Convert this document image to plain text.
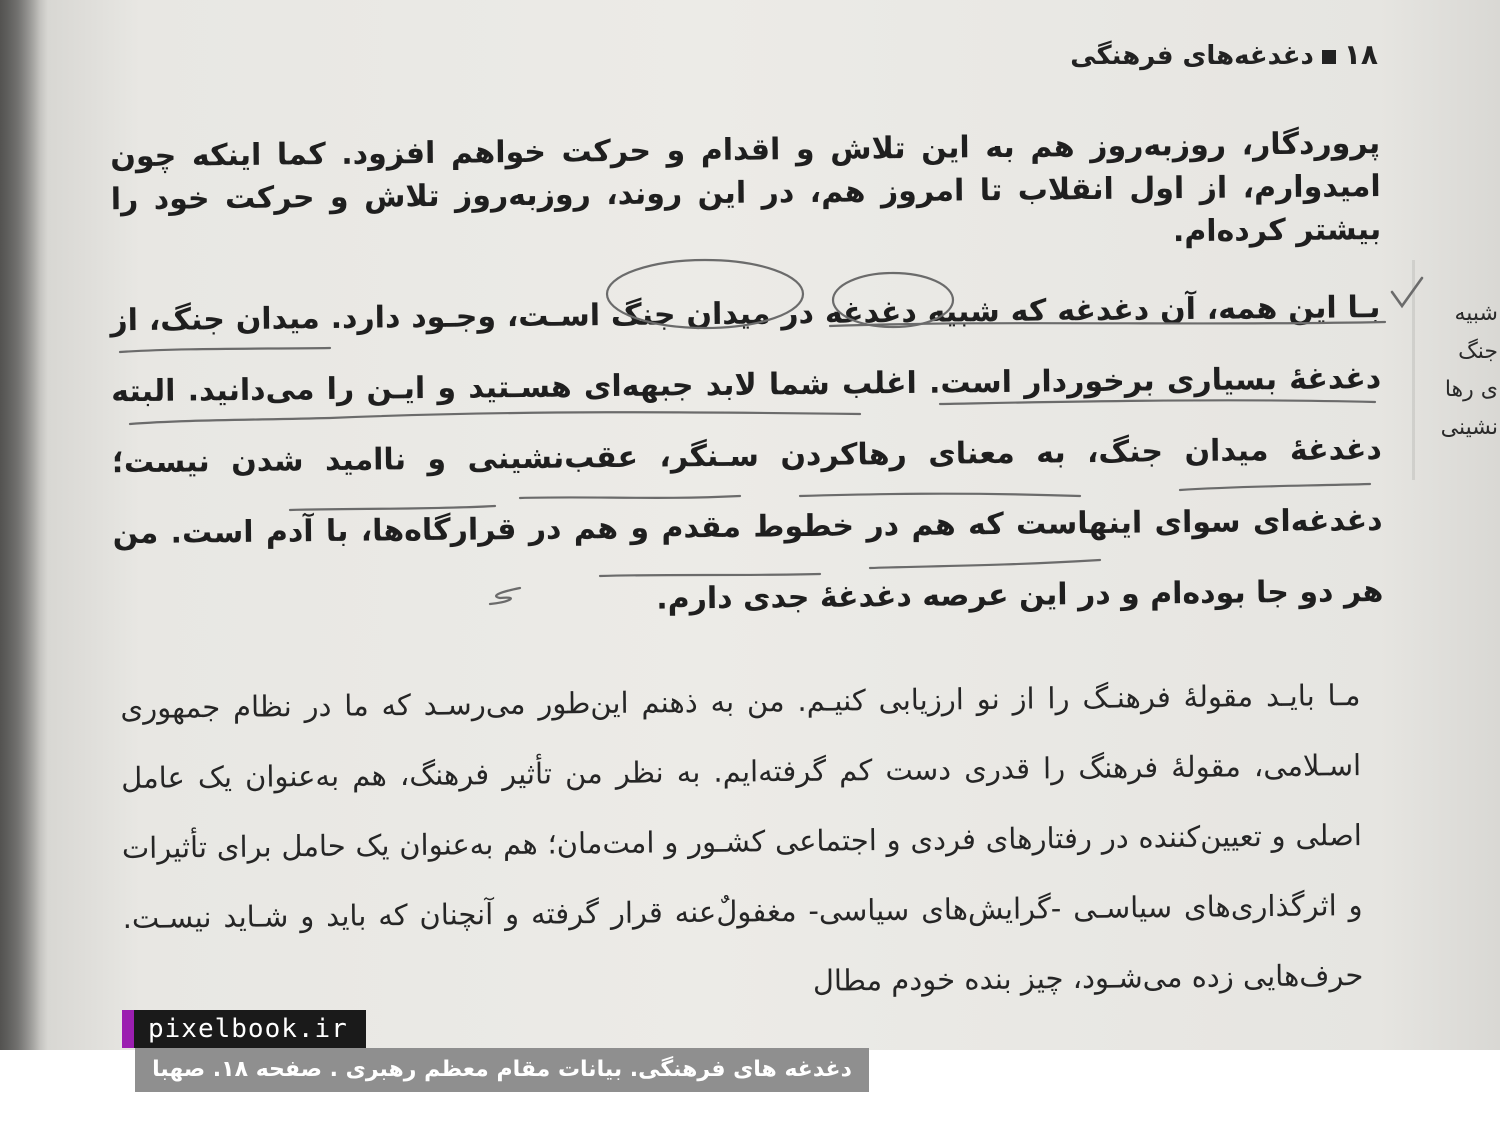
۱۸دغدغه‌های فرهنگی

پروردگار، روزبه‌روز هم به این تلاش و اقدام و حرکت خواهم افزود. کما اینکه چون امیدوارم، از اول انقلاب تا امروز هم، در این روند، روزبه‌روز تلاش و حرکت خود را بیشتر کرده‌ام.

بـا این همه، آن دغدغه که شبیه دغدغه در میدان جنگ اسـت، وجـود دارد. میدان جنگ، از دغدغهٔ بسیاری برخوردار است. اغلب شما لابد جبهه‌ای هسـتید و ایـن را می‌دانید. البته دغدغهٔ میدان جنگ، به معنای رهاکردن سـنگر، عقب‌نشینی و ناامید شدن نیست؛ دغدغه‌ای سوای اینهاست که هم در خطوط مقدم و هم در قرارگاه‌ها، با آدم است. من هر دو جا بوده‌ام و در این عرصه دغدغهٔ جدی دارم.

مـا بایـد مقولهٔ فرهنـگ را از نو ارزیابی کنیـم. من به ذهنم این‌طور می‌رسـد که ما در نظام جمهوری اسـلامی، مقولهٔ فرهنگ را قدری دست کم گرفته‌ایم. به نظر من تأثیر فرهنگ، هم به‌عنوان یک عامل اصلی و تعیین‌کننده در رفتارهای فردی و اجتماعی کشـور و امت‌مان؛ هم به‌عنوان یک حامل برای تأثیرات و اثرگذاری‌های سیاسـی -گرایش‌های سیاسی- مغفولٌ‌عنه قرار گرفته و آنچنان که باید و شـاید نیسـت. حرف‌هایی زده می‌شـود، چیز بنده خودم مطال

شبیه
جنگ
ی رها
نشینی
pixelbook.ir
دغدغه های فرهنگی. بیانات مقام معظم رهبری . صفحه ۱۸. صهبا
